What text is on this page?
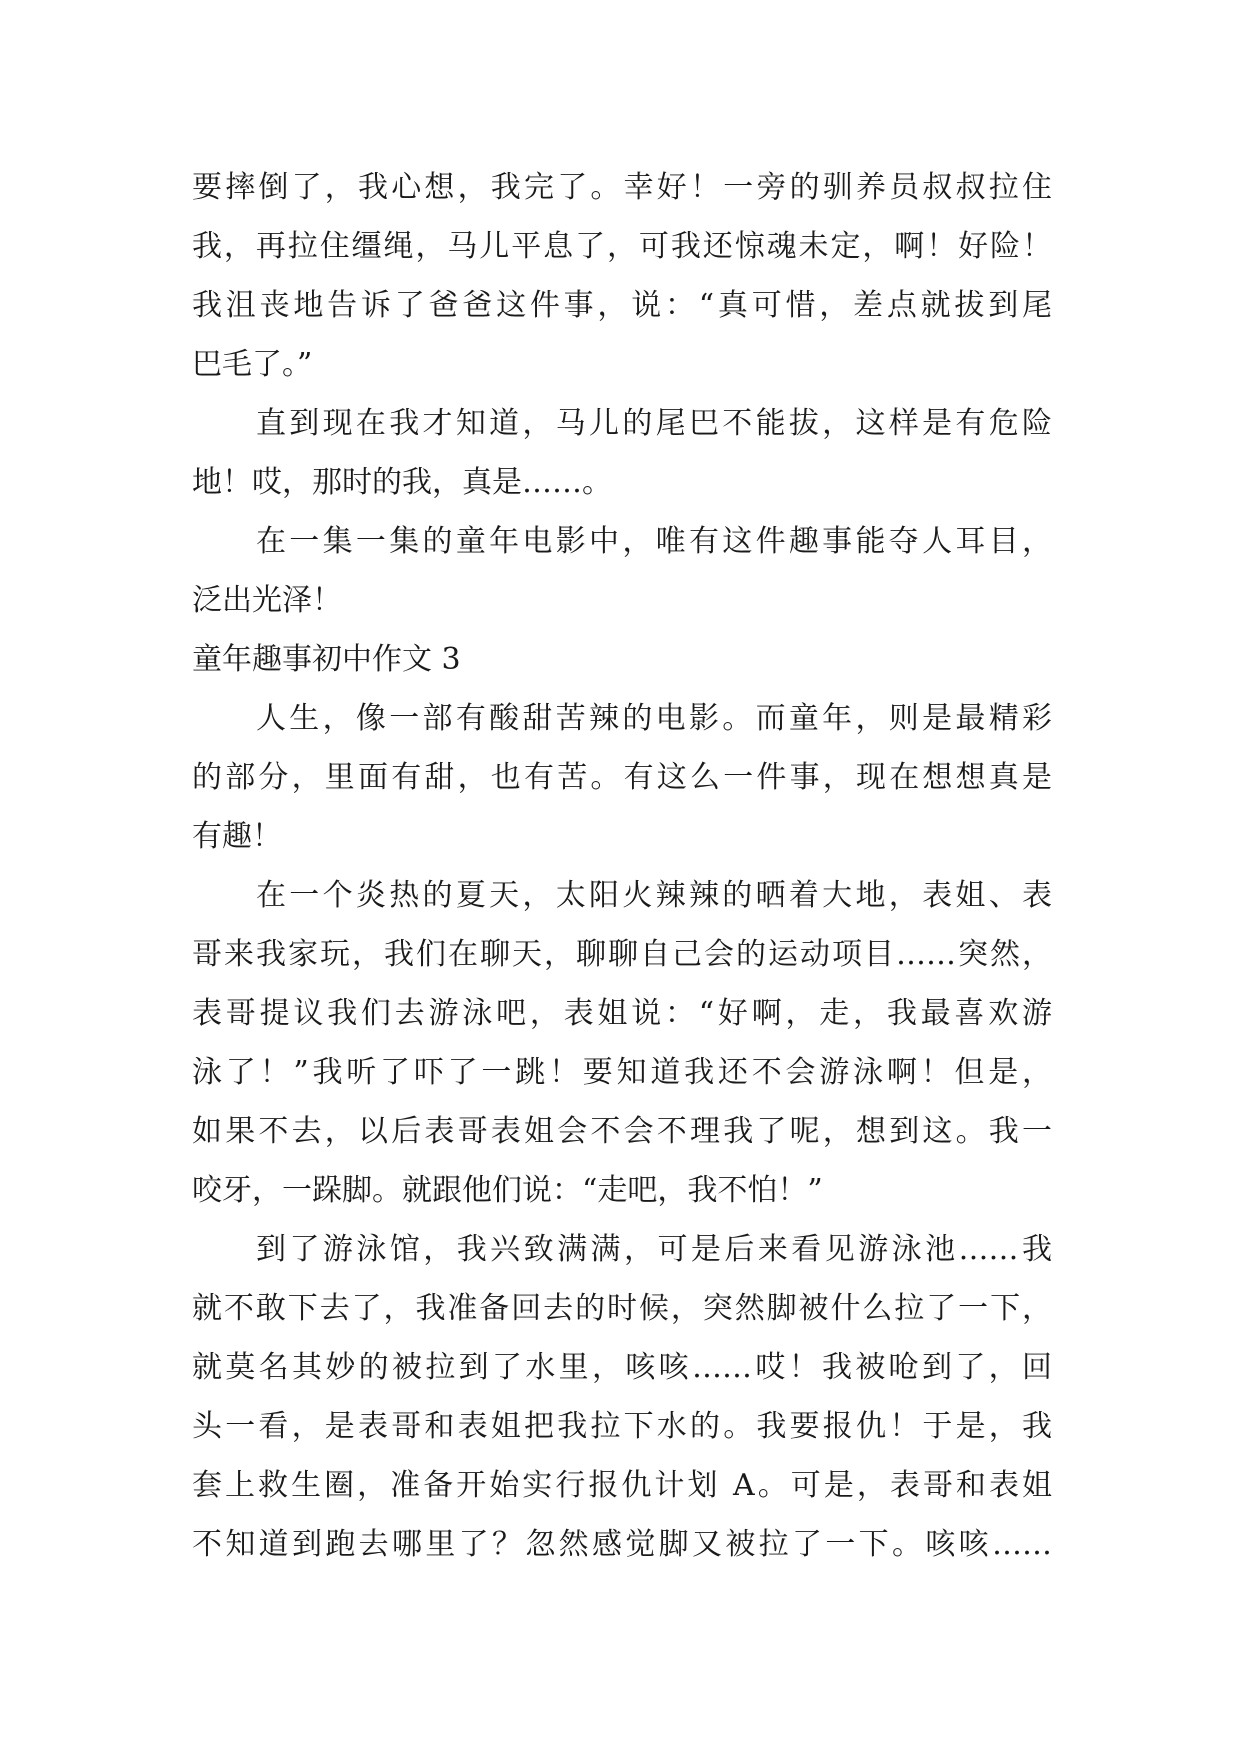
要摔倒了，我心想，我完了。幸好！一旁的驯养员叔叔拉住
我，再拉住缰绳，马儿平息了，可我还惊魂未定，啊！好险！
我沮丧地告诉了爸爸这件事，说：“真可惜，差点就拔到尾
巴毛了。”
直到现在我才知道，马儿的尾巴不能拔，这样是有危险
地！哎，那时的我，真是……。
在一集一集的童年电影中，唯有这件趣事能夺人耳目，
泛出光泽！
童年趣事初中作文 3
人生，像一部有酸甜苦辣的电影。而童年，则是最精彩
的部分，里面有甜，也有苦。有这么一件事，现在想想真是
有趣！
在一个炎热的夏天，太阳火辣辣的晒着大地，表姐、表
哥来我家玩，我们在聊天，聊聊自己会的运动项目……突然，
表哥提议我们去游泳吧，表姐说：“好啊，走，我最喜欢游
泳了！”我听了吓了一跳！要知道我还不会游泳啊！但是，
如果不去，以后表哥表姐会不会不理我了呢，想到这。我一
咬牙，一跺脚。就跟他们说：“走吧，我不怕！”
到了游泳馆，我兴致满满，可是后来看见游泳池……我
就不敢下去了，我准备回去的时候，突然脚被什么拉了一下，
就莫名其妙的被拉到了水里，咳咳……哎！我被呛到了，回
头一看，是表哥和表姐把我拉下水的。我要报仇！于是，我
套上救生圈，准备开始实行报仇计划 A。可是，表哥和表姐
不知道到跑去哪里了？忽然感觉脚又被拉了一下。咳咳……
